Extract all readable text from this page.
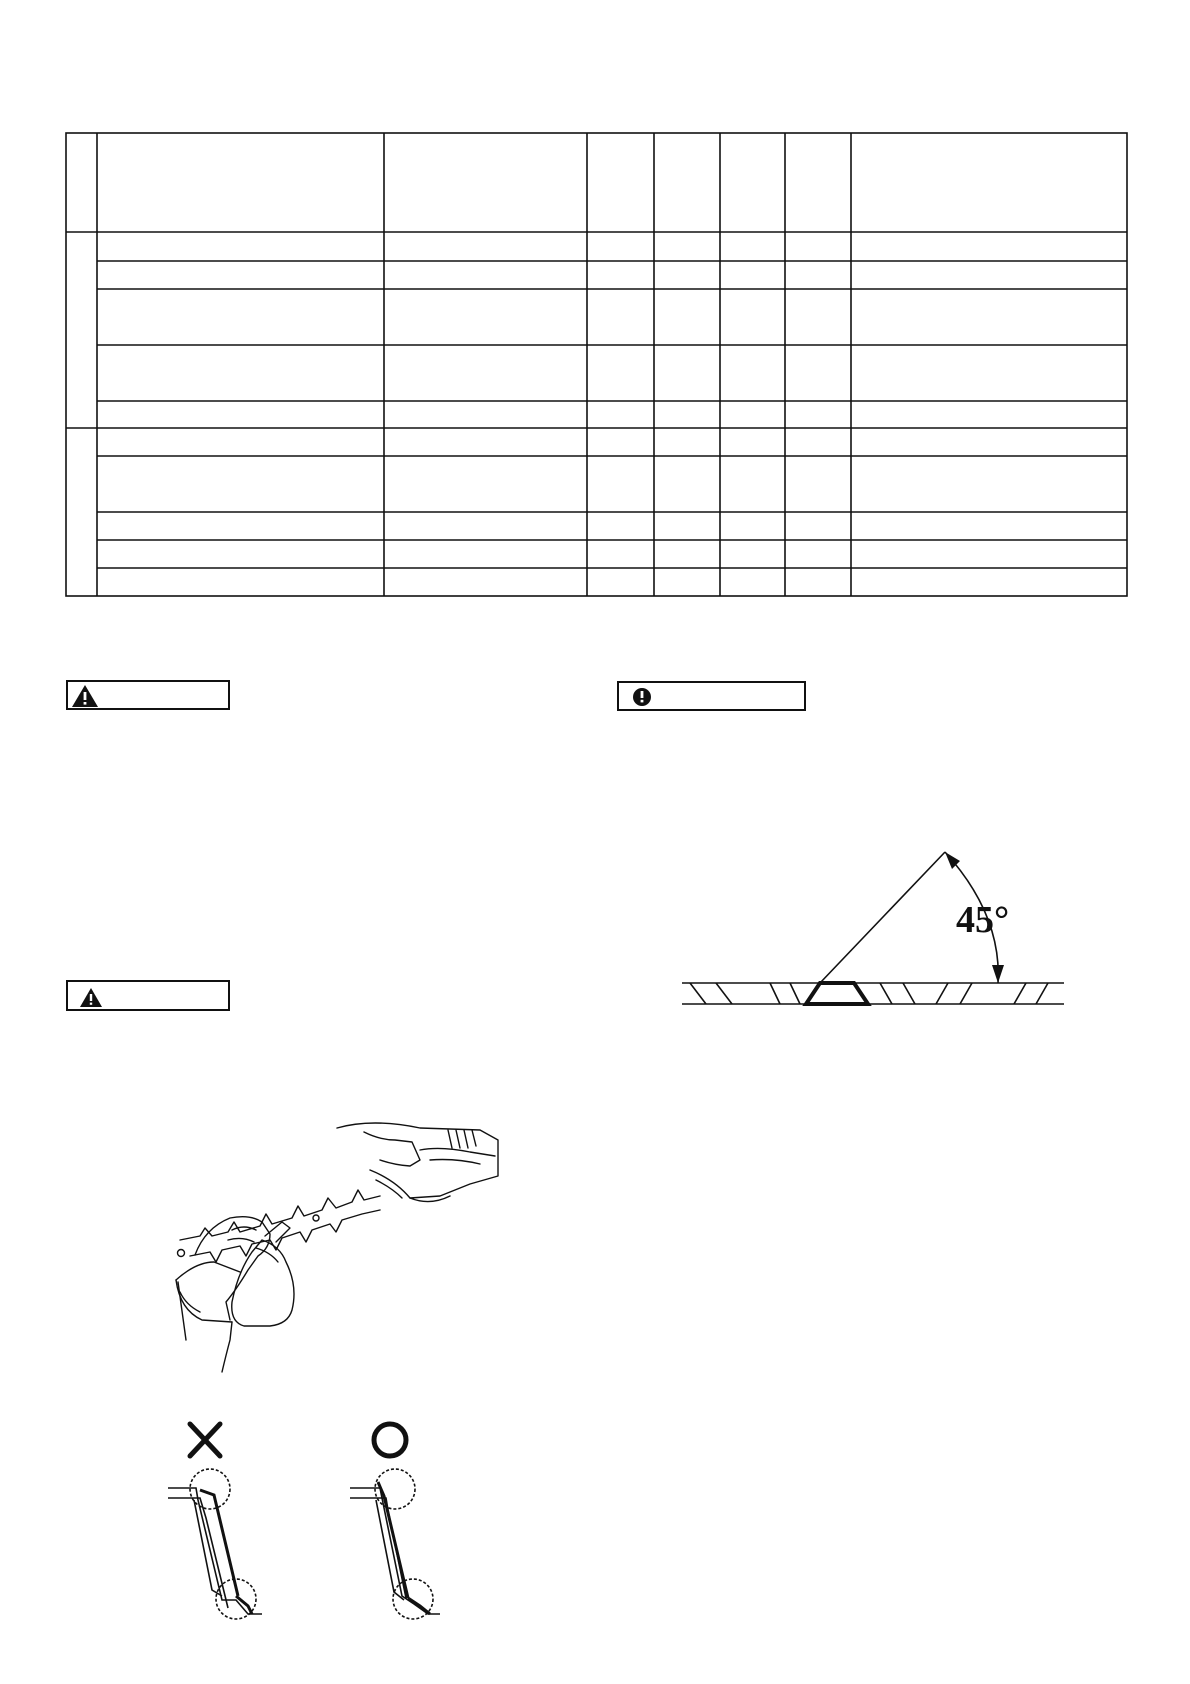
45°
